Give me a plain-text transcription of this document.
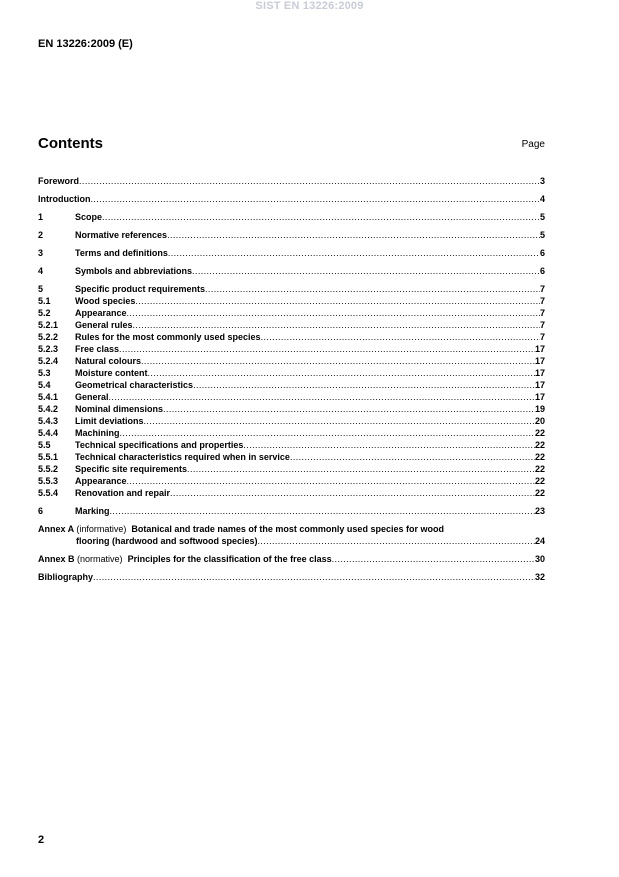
SIST EN 13226:2009
EN 13226:2009 (E)
Contents	Page
Foreword .....	3
Introduction .....	4
1	Scope .....	5
2	Normative references .....	5
3	Terms and definitions .....	6
4	Symbols and abbreviations .....	6
5	Specific product requirements .....	7
5.1	Wood species .....	7
5.2	Appearance .....	7
5.2.1	General rules .....	7
5.2.2	Rules for the most commonly used species .....	7
5.2.3	Free class .....	17
5.2.4	Natural colours .....	17
5.3	Moisture content .....	17
5.4	Geometrical characteristics .....	17
5.4.1	General .....	17
5.4.2	Nominal dimensions .....	19
5.4.3	Limit deviations .....	20
5.4.4	Machining .....	22
5.5	Technical specifications and properties .....	22
5.5.1	Technical characteristics required when in service .....	22
5.5.2	Specific site requirements .....	22
5.5.3	Appearance .....	22
5.5.4	Renovation and repair .....	22
6	Marking .....	23
Annex A (informative) Botanical and trade names of the most commonly used species for wood
flooring (hardwood and softwood species) .....	24
Annex B (normative) Principles for the classification of the free class .....	30
Bibliography .....	32
2
